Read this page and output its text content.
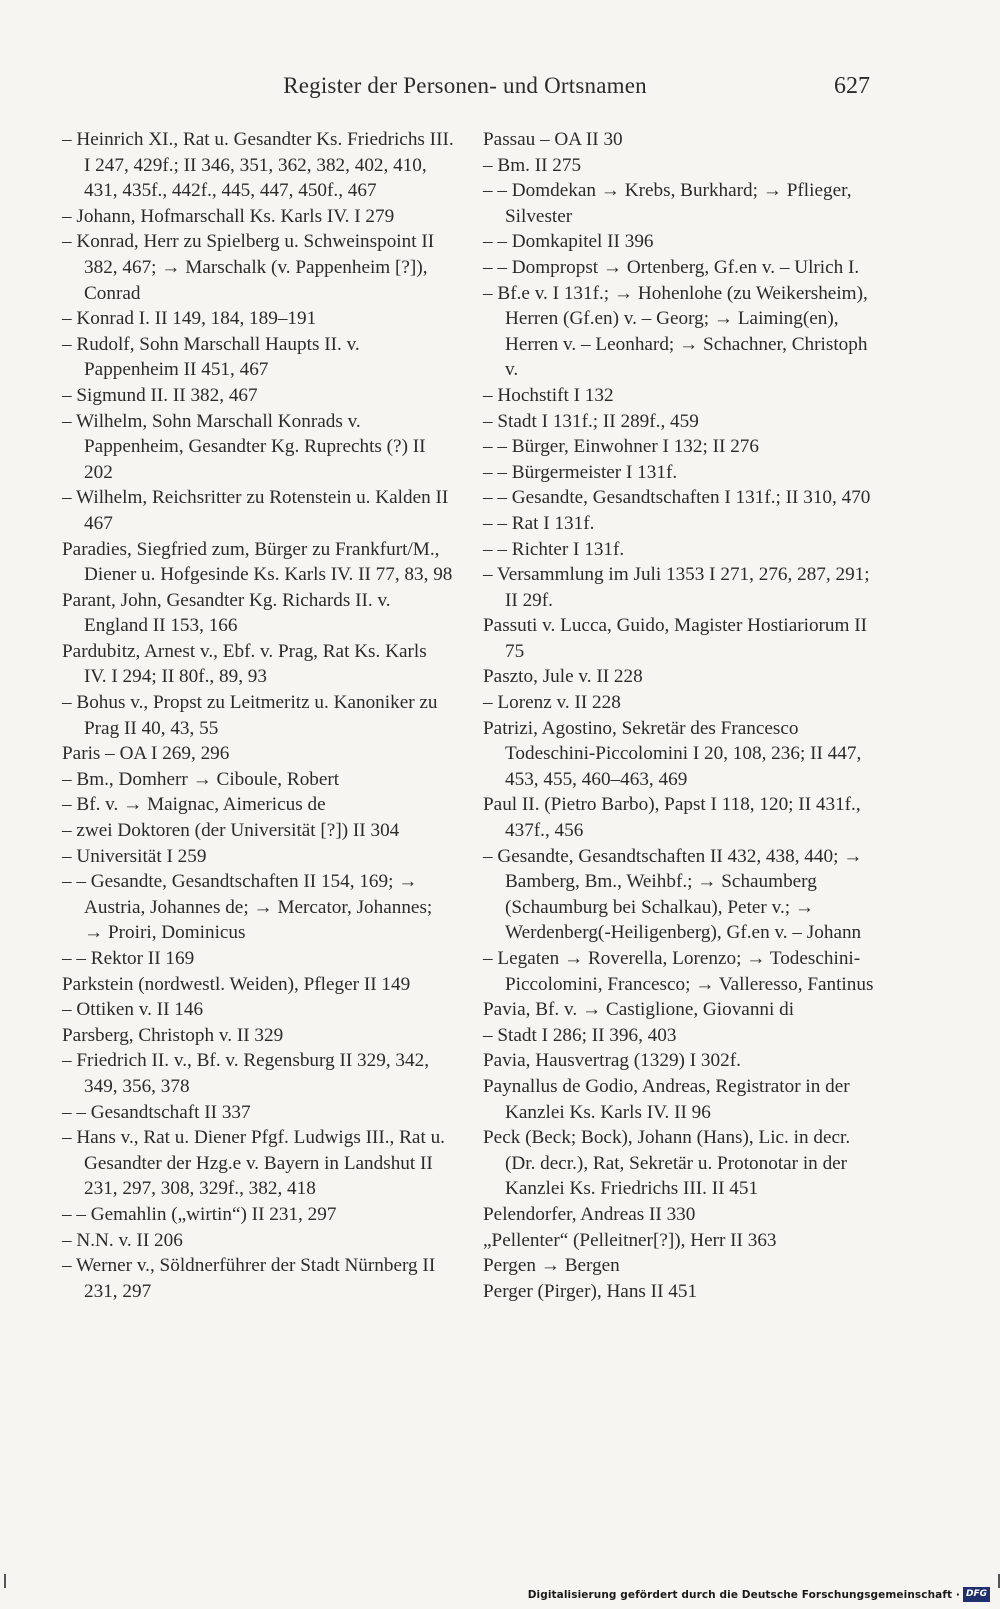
Register der Personen- und Ortsnamen	627

– Heinrich XI., Rat u. Gesandter Ks. Friedrichs III. I 247, 429f.; II 346, 351, 362, 382, 402, 410, 431, 435f., 442f., 445, 447, 450f., 467

– Johann, Hofmarschall Ks. Karls IV. I 279

– Konrad, Herr zu Spielberg u. Schweinspoint II 382, 467; → Marschalk (v. Pappenheim [?]), Conrad

– Konrad I. II 149, 184, 189–191

– Rudolf, Sohn Marschall Haupts II. v. Pappenheim II 451, 467

– Sigmund II. II 382, 467

– Wilhelm, Sohn Marschall Konrads v. Pappenheim, Gesandter Kg. Ruprechts (?) II 202

– Wilhelm, Reichsritter zu Rotenstein u. Kalden II 467

Paradies, Siegfried zum, Bürger zu Frankfurt/M., Diener u. Hofgesinde Ks. Karls IV. II 77, 83, 98

Parant, John, Gesandter Kg. Richards II. v. England II 153, 166

Pardubitz, Arnest v., Ebf. v. Prag, Rat Ks. Karls IV. I 294; II 80f., 89, 93

– Bohus v., Propst zu Leitmeritz u. Kanoniker zu Prag II 40, 43, 55

Paris – OA I 269, 296

– Bm., Domherr → Ciboule, Robert

– Bf. v. → Maignac, Aimericus de

– zwei Doktoren (der Universität [?]) II 304

– Universität I 259

– – Gesandte, Gesandtschaften II 154, 169; → Austria, Johannes de; → Mercator, Johannes; → Proiri, Dominicus

– – Rektor II 169

Parkstein (nordwestl. Weiden), Pfleger II 149

– Ottiken v. II 146

Parsberg, Christoph v. II 329

– Friedrich II. v., Bf. v. Regensburg II 329, 342, 349, 356, 378

– – Gesandtschaft II 337

– Hans v., Rat u. Diener Pfgf. Ludwigs III., Rat u. Gesandter der Hzg.e v. Bayern in Landshut II 231, 297, 308, 329f., 382, 418

– – Gemahlin („wirtin“) II 231, 297

– N.N. v. II 206

– Werner v., Söldnerführer der Stadt Nürnberg II 231, 297

Passau – OA II 30

– Bm. II 275

– – Domdekan → Krebs, Burkhard; → Pflieger, Silvester

– – Domkapitel II 396

– – Dompropst → Ortenberg, Gf.en v. – Ulrich I.

– Bf.e v. I 131f.; → Hohenlohe (zu Weikersheim), Herren (Gf.en) v. – Georg; → Laiming(en), Herren v. – Leonhard; → Schachner, Christoph v.

– Hochstift I 132

– Stadt I 131f.; II 289f., 459

– – Bürger, Einwohner I 132; II 276

– – Bürgermeister I 131f.

– – Gesandte, Gesandtschaften I 131f.; II 310, 470

– – Rat I 131f.

– – Richter I 131f.

– Versammlung im Juli 1353 I 271, 276, 287, 291; II 29f.

Passuti v. Lucca, Guido, Magister Hostiariorum II 75

Paszto, Jule v. II 228

– Lorenz v. II 228

Patrizi, Agostino, Sekretär des Francesco Todeschini-Piccolomini I 20, 108, 236; II 447, 453, 455, 460–463, 469

Paul II. (Pietro Barbo), Papst I 118, 120; II 431f., 437f., 456

– Gesandte, Gesandtschaften II 432, 438, 440; → Bamberg, Bm., Weihbf.; → Schaumberg (Schaumburg bei Schalkau), Peter v.; → Werdenberg(-Heiligenberg), Gf.en v. – Johann

– Legaten → Roverella, Lorenzo; → Todeschini-Piccolomini, Francesco; → Valleresso, Fantinus

Pavia, Bf. v. → Castiglione, Giovanni di

– Stadt I 286; II 396, 403

Pavia, Hausvertrag (1329) I 302f.

Paynallus de Godio, Andreas, Registrator in der Kanzlei Ks. Karls IV. II 96

Peck (Beck; Bock), Johann (Hans), Lic. in decr. (Dr. decr.), Rat, Sekretär u. Protonotar in der Kanzlei Ks. Friedrichs III. II 451

Pelendorfer, Andreas II 330

„Pellenter“ (Pelleitner[?]), Herr II 363

Pergen → Bergen

Perger (Pirger), Hans II 451

Digitalisierung gefördert durch die Deutsche Forschungsgemeinschaft · DFG
